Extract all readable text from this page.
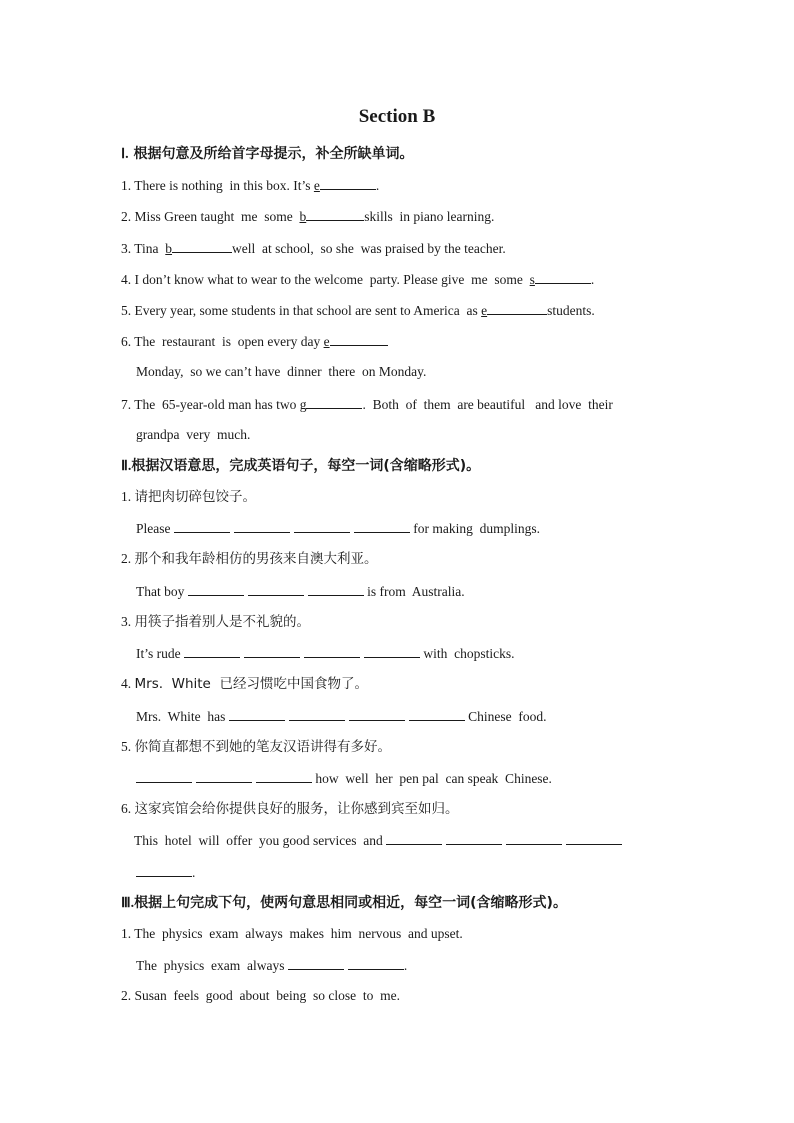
Section B
Ⅰ. 根据句意及所给首字母提示，补全所缺单词。
1. There is nothing  in this box. It’s e	.
2. Miss Green taught  me  some  b	skills  in piano learning.
3. Tina  b	well  at school,  so she  was praised by the teacher.
4. I don’t know what to wear to the welcome  party. Please give  me  some  s	.
5. Every year, some students in that school are sent to America  as e	students.
6. The  restaurant  is  open every day e
Monday,  so we can’t have  dinner  there  on Monday.
7. The  65-year-old man has two g	.  Both  of  them  are beautiful   and love  their
grandpa  very  much.
Ⅱ.根据汉语意思，完成英语句子，每空一词(含缩略形式)。
1. 请把肉切碎包饺子。
Please	for making  dumplings.
2. 那个和我年龄相仿的男孩来自澳大利亚。
That boy	is from  Australia.
3. 用筷子指着别人是不礼貌的。
It’s rude	with  chopsticks.
4. Mrs.  White  已经习惯吃中国食物了。
Mrs.  White  has	Chinese  food.
5. 你简直都想不到她的笔友汉语讲得有多好。
how  well  her  pen pal  can speak  Chinese.
6. 这家宾馆会给你提供良好的服务，让你感到宾至如归。
This  hotel  will  offer  you good services  and
.
Ⅲ.根据上句完成下句，使两句意思相同或相近，每空一词(含缩略形式)。
1. The  physics  exam  always  makes  him  nervous  and upset.
The  physics  exam  always	.
2. Susan  feels  good  about  being  so close  to  me.
